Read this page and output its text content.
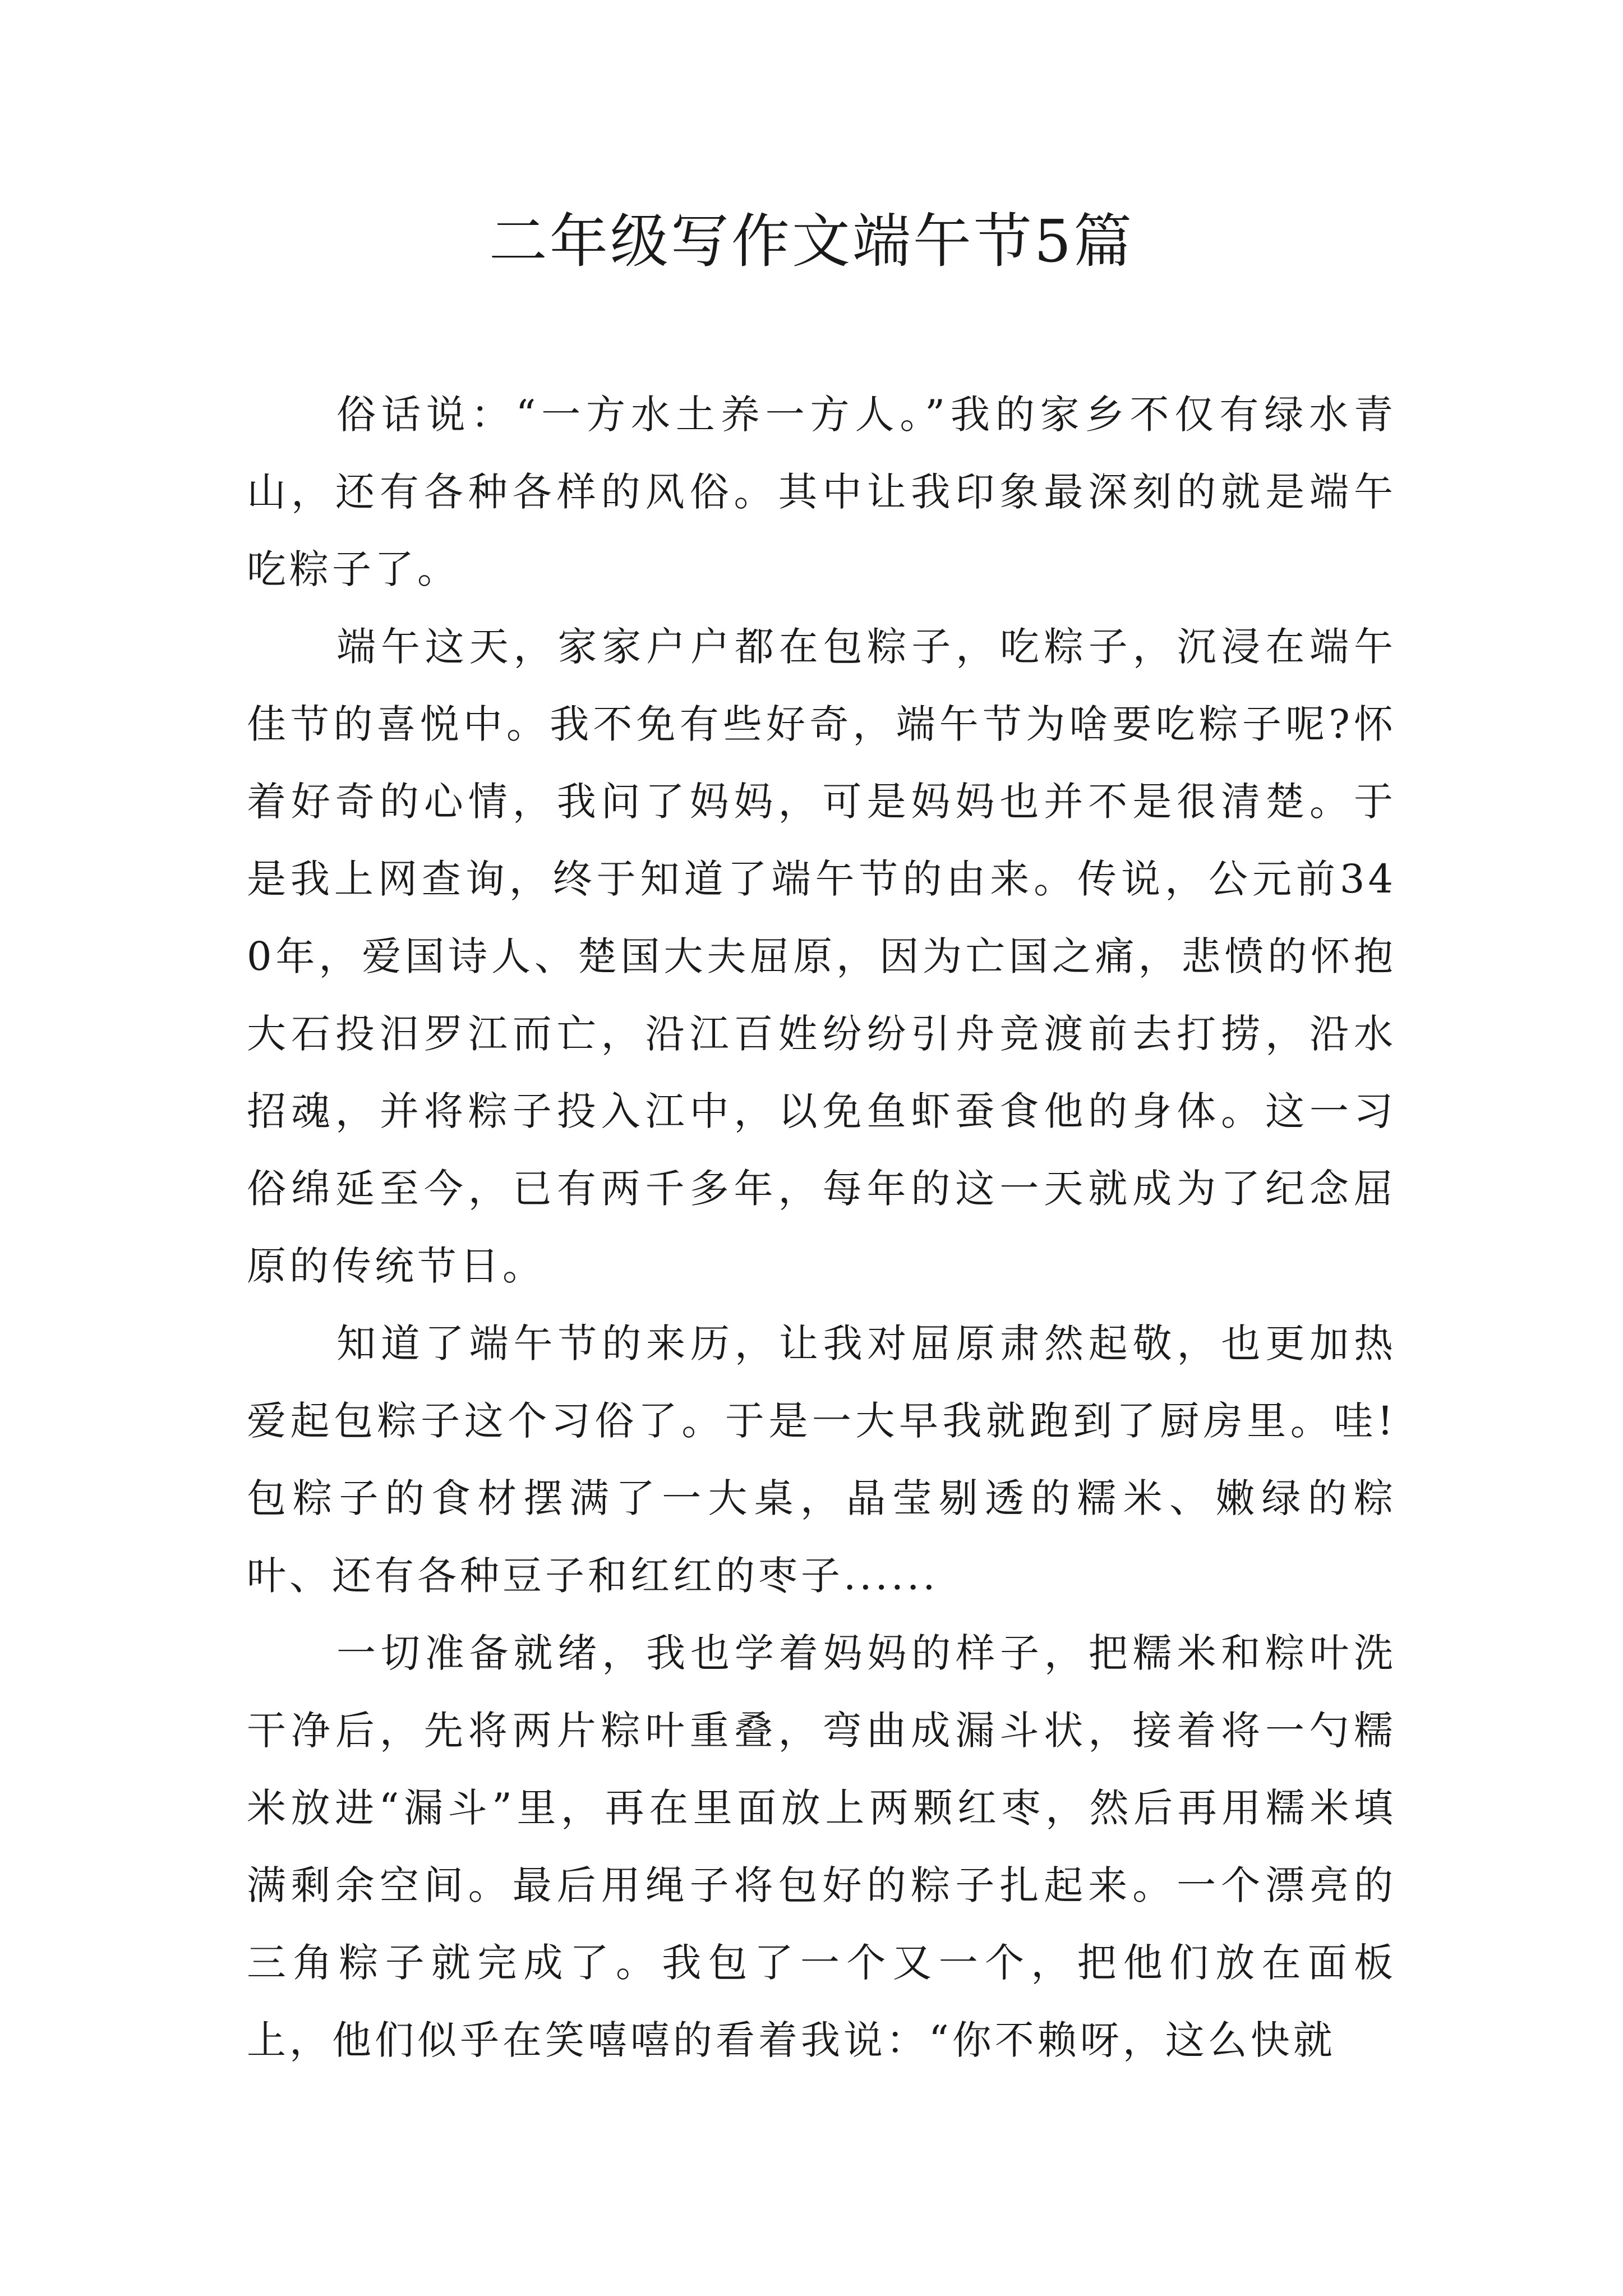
二年级写作文端午节5篇

俗话说：“一方水土养一方人。”我的家乡不仅有绿水青山，还有各种各样的风俗。其中让我印象最深刻的就是端午吃粽子了。

端午这天，家家户户都在包粽子，吃粽子，沉浸在端午佳节的喜悦中。我不免有些好奇，端午节为啥要吃粽子呢?怀着好奇的心情，我问了妈妈，可是妈妈也并不是很清楚。于是我上网查询，终于知道了端午节的由来。传说，公元前340年，爱国诗人、楚国大夫屈原，因为亡国之痛，悲愤的怀抱大石投汨罗江而亡，沿江百姓纷纷引舟竞渡前去打捞，沿水招魂，并将粽子投入江中，以免鱼虾蚕食他的身体。这一习俗绵延至今，已有两千多年，每年的这一天就成为了纪念屈原的传统节日。

知道了端午节的来历，让我对屈原肃然起敬，也更加热爱起包粽子这个习俗了。于是一大早我就跑到了厨房里。哇!包粽子的食材摆满了一大桌，晶莹剔透的糯米、嫩绿的粽叶、还有各种豆子和红红的枣子......

一切准备就绪，我也学着妈妈的样子，把糯米和粽叶洗干净后，先将两片粽叶重叠，弯曲成漏斗状，接着将一勺糯米放进“漏斗”里，再在里面放上两颗红枣，然后再用糯米填满剩余空间。最后用绳子将包好的粽子扎起来。一个漂亮的三角粽子就完成了。我包了一个又一个，把他们放在面板上，他们似乎在笑嘻嘻的看着我说：“你不赖呀，这么快就
